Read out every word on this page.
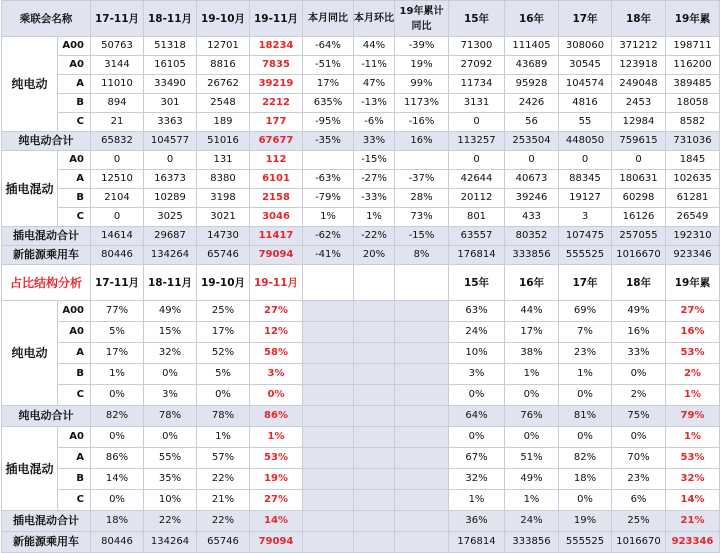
乘联会名称		17-11月	18-11月	19-10月	19-11月	本月同比	本月环比	19年累计同比	15年	16年	17年	18年	19年累
纯电动	A00	50763	51318	12701	18234	-64%	44%	-39%	71300	111405	308060	371212	198711
	A0	3144	16105	8816	7835	-51%	-11%	19%	27092	43689	30545	123918	116200
	A	11010	33490	26762	39219	17%	47%	99%	11734	95928	104574	249048	389485
	B	894	301	2548	2212	635%	-13%	1173%	3131	2426	4816	2453	18058
	C	21	3363	189	177	-95%	-6%	-16%	0	56	55	12984	8582
纯电动合计		65832	104577	51016	67677	-35%	33%	16%	113257	253504	448050	759615	731036
插电混动	A0	0	0	131	112		-15%		0	0	0	0	1845
	A	12510	16373	8380	6101	-63%	-27%	-37%	42644	40673	88345	180631	102635
	B	2104	10289	3198	2158	-79%	-33%	28%	20112	39246	19127	60298	61281
	C	0	3025	3021	3046	1%	1%	73%	801	433	3	16126	26549
插电混动合计		14614	29687	14730	11417	-62%	-22%	-15%	63557	80352	107475	257055	192310
新能源乘用车		80446	134264	65746	79094	-41%	20%	8%	176814	333856	555525	1016670	923346
占比结构分析		17-11月	18-11月	19-10月	19-11月				15年	16年	17年	18年	19年累
纯电动	A00	77%	49%	25%	27%				63%	44%	69%	49%	27%
	A0	5%	15%	17%	12%				24%	17%	7%	16%	16%
	A	17%	32%	52%	58%				10%	38%	23%	33%	53%
	B	1%	0%	5%	3%				3%	1%	1%	0%	2%
	C	0%	3%	0%	0%				0%	0%	0%	2%	1%
纯电动合计		82%	78%	78%	86%				64%	76%	81%	75%	79%
插电混动	A0	0%	0%	1%	1%				0%	0%	0%	0%	1%
	A	86%	55%	57%	53%				67%	51%	82%	70%	53%
	B	14%	35%	22%	19%				32%	49%	18%	23%	32%
	C	0%	10%	21%	27%				1%	1%	0%	6%	14%
插电混动合计		18%	22%	22%	14%				36%	24%	19%	25%	21%
新能源乘用车		80446	134264	65746	79094				176814	333856	555525	1016670	923346
